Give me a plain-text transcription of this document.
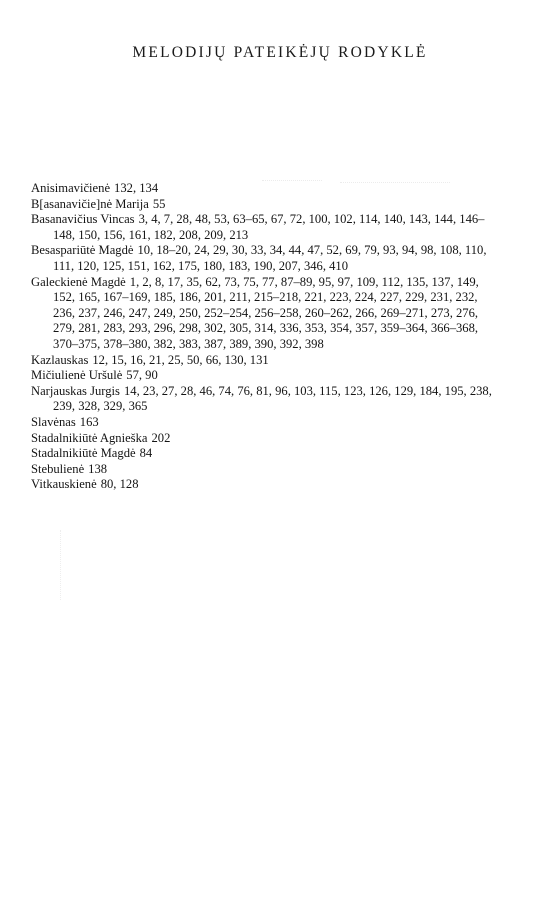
MELODIJŲ PATEIKĖJŲ RODYKLĖ
Anisimavičienė 132, 134
B[asanavičie]nė Marija 55
Basanavičius Vincas 3, 4, 7, 28, 48, 53, 63–65, 67, 72, 100, 102, 114, 140, 143, 144, 146–148, 150, 156, 161, 182, 208, 209, 213
Besaspariūtė Magdė 10, 18–20, 24, 29, 30, 33, 34, 44, 47, 52, 69, 79, 93, 94, 98, 108, 110, 111, 120, 125, 151, 162, 175, 180, 183, 190, 207, 346, 410
Galeckienė Magdė 1, 2, 8, 17, 35, 62, 73, 75, 77, 87–89, 95, 97, 109, 112, 135, 137, 149, 152, 165, 167–169, 185, 186, 201, 211, 215–218, 221, 223, 224, 227, 229, 231, 232, 236, 237, 246, 247, 249, 250, 252–254, 256–258, 260–262, 266, 269–271, 273, 276, 279, 281, 283, 293, 296, 298, 302, 305, 314, 336, 353, 354, 357, 359–364, 366–368, 370–375, 378–380, 382, 383, 387, 389, 390, 392, 398
Kazlauskas 12, 15, 16, 21, 25, 50, 66, 130, 131
Mičiulienė Uršulė 57, 90
Narjauskas Jurgis 14, 23, 27, 28, 46, 74, 76, 81, 96, 103, 115, 123, 126, 129, 184, 195, 238, 239, 328, 329, 365
Slavėnas 163
Stadalnikiūtė Agnieška 202
Stadalnikiūtė Magdė 84
Stebulienė 138
Vitkauskienė 80, 128
